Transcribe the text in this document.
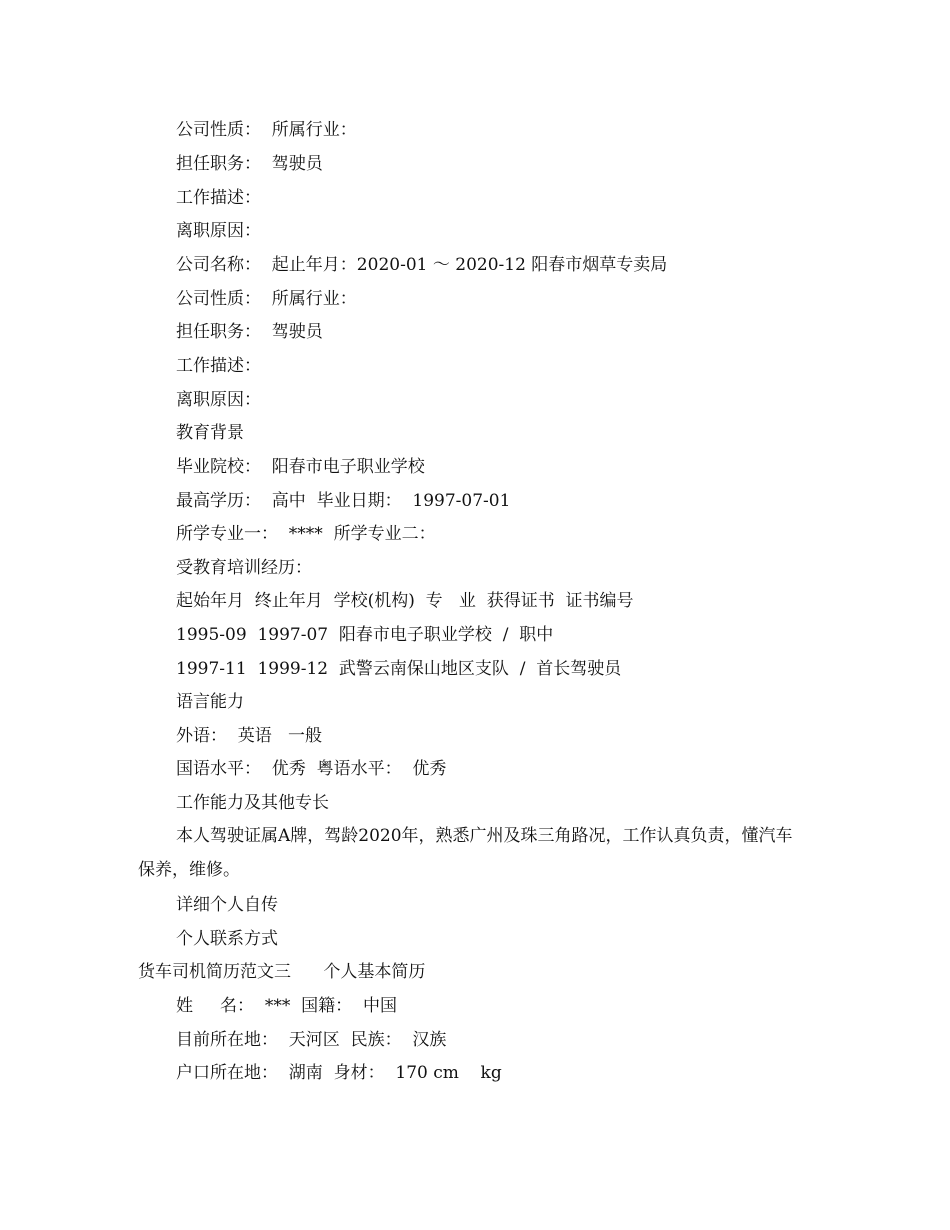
公司性质：  所属行业：
担任职务：  驾驶员
工作描述：
离职原因：
公司名称：  起止年月：2020-01 ～ 2020-12 阳春市烟草专卖局
公司性质：  所属行业：
担任职务：  驾驶员
工作描述：
离职原因：
教育背景
毕业院校：  阳春市电子职业学校
最高学历：  高中  毕业日期：  1997-07-01
所学专业一：  ****  所学专业二：
受教育培训经历：
起始年月  终止年月  学校(机构)  专   业  获得证书  证书编号
1995-09  1997-07  阳春市电子职业学校  /  职中
1997-11  1999-12  武警云南保山地区支队  /  首长驾驶员
语言能力
外语：  英语   一般
国语水平：  优秀  粤语水平：  优秀
工作能力及其他专长
本人驾驶证属A牌，驾龄2020年，熟悉广州及珠三角路况，工作认真负责，懂汽车保养，维修。
详细个人自传
个人联系方式
货车司机简历范文三      个人基本简历
姓     名：  ***  国籍：  中国
目前所在地：  天河区  民族：  汉族
户口所在地：  湖南  身材：  170 cm    kg
